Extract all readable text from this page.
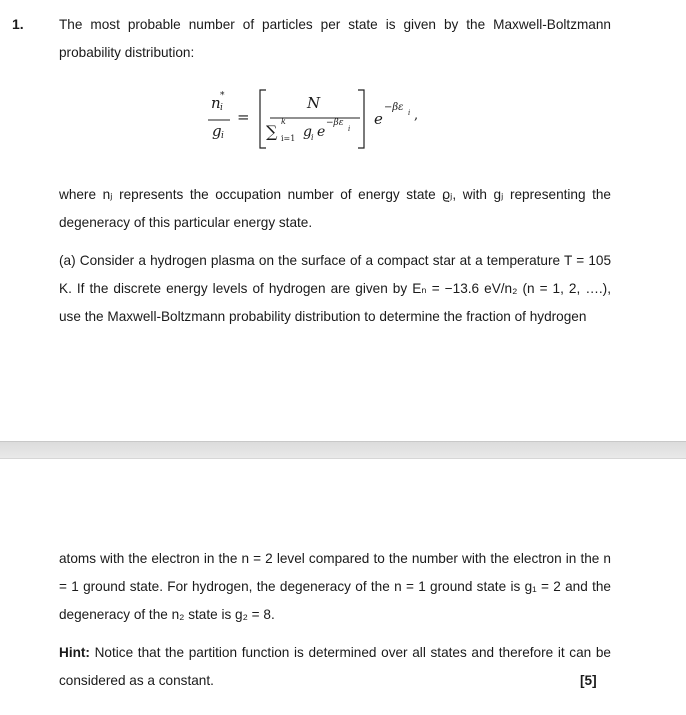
1.	The most probable number of particles per state is given by the Maxwell-Boltzmann probability distribution:

n *
i
g i
=
N
∑
k
i=1 g i e
−βε
i
e
−βε i ,

where nⱼ represents the occupation number of energy state ϱⱼ, with gⱼ representing the degeneracy of this particular energy state.

(a) Consider a hydrogen plasma on the surface of a compact star at a temperature T = 105 K. If the discrete energy levels of hydrogen are given by Eₙ = −13.6 eV/n₂ (n = 1, 2, ….), use the Maxwell-Boltzmann probability distribution to determine the fraction of hydrogen

atoms with the electron in the n = 2 level compared to the number with the electron in the n = 1 ground state. For hydrogen, the degeneracy of the n = 1 ground state is g₁ = 2 and the degeneracy of the n₂ state is g₂ = 8.

Hint: Notice that the partition function is determined over all states and therefore it can be considered as a constant.	[5]
